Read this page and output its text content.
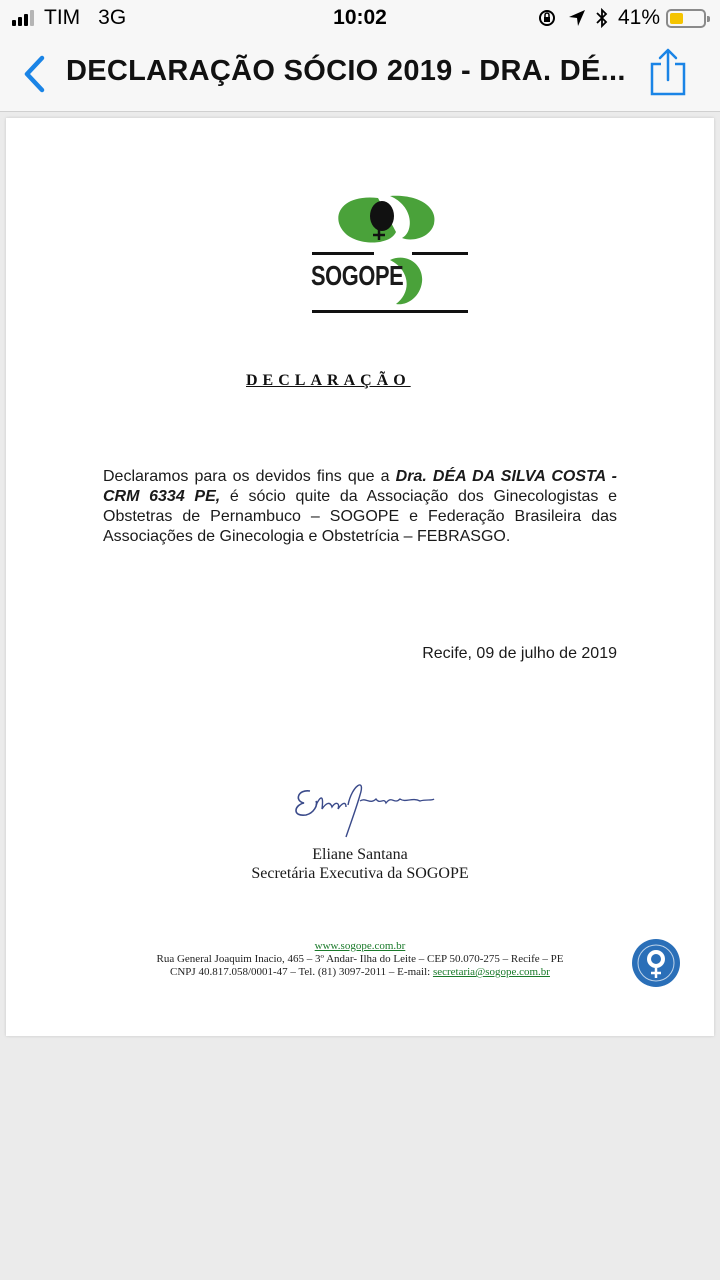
TIM 3G	10:02	41%
DECLARAÇÃO SÓCIO 2019 - DRA. DÉ...
SOGOPE
DECLARAÇÃO
Declaramos para os devidos fins que a Dra. DÉA DA SILVA COSTA - CRM 6334 PE, é sócio quite da Associação dos Ginecologistas e Obstetras de Pernambuco – SOGOPE e Federação Brasileira das Associações de Ginecologia e Obstetrícia – FEBRASGO.
Recife, 09 de julho de 2019
Eliane Santana
Secretária Executiva da SOGOPE
www.sogope.com.br
Rua General Joaquim Inacio, 465 – 3º Andar- Ilha do Leite – CEP 50.070-275 – Recife – PE
CNPJ 40.817.058/0001-47 – Tel. (81) 3097-2011 – E-mail: secretaria@sogope.com.br
